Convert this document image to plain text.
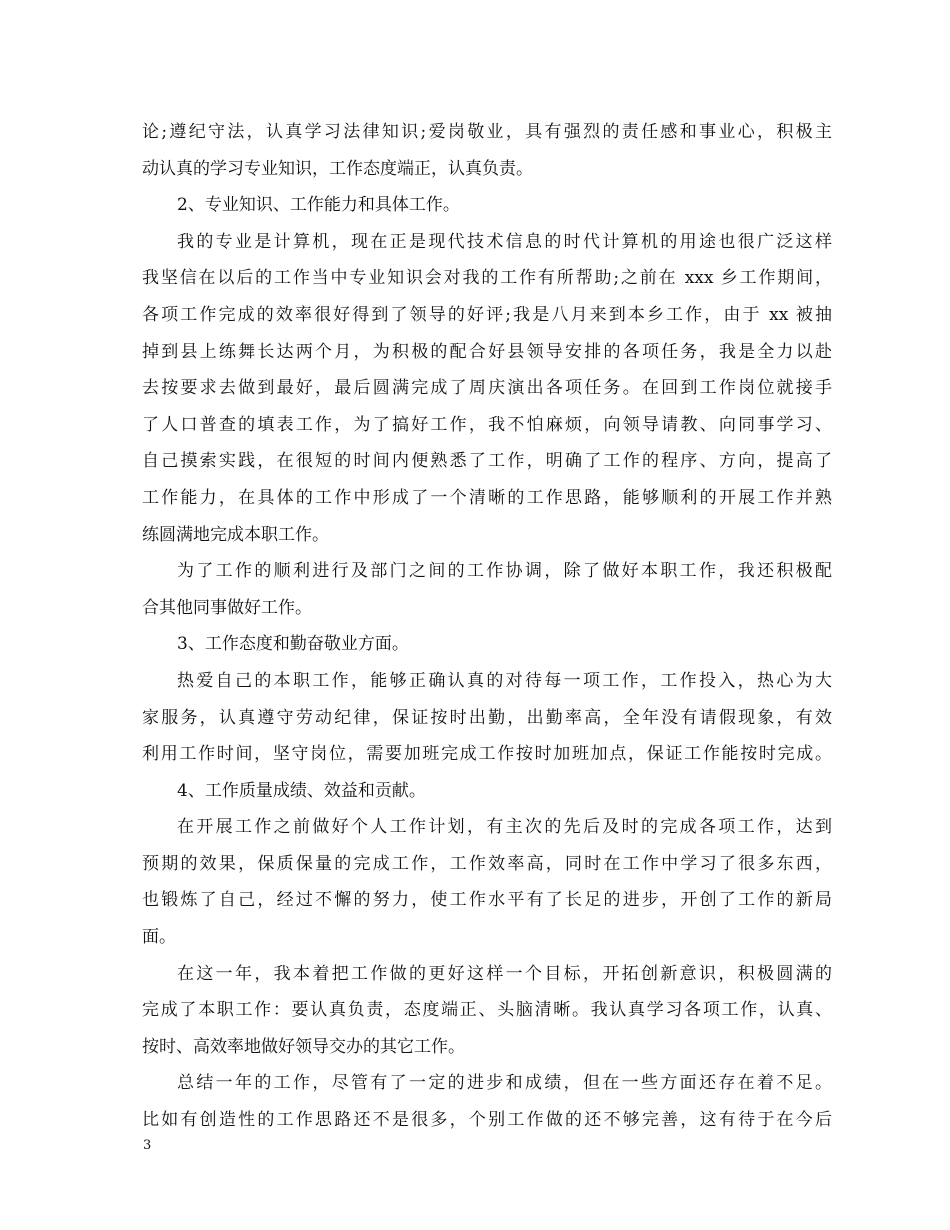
论;遵纪守法，认真学习法律知识;爱岗敬业，具有强烈的责任感和事业心，积极主
动认真的学习专业知识，工作态度端正，认真负责。
2、专业知识、工作能力和具体工作。
我的专业是计算机，现在正是现代技术信息的时代计算机的用途也很广泛这样
我坚信在以后的工作当中专业知识会对我的工作有所帮助;之前在 xxx 乡工作期间，
各项工作完成的效率很好得到了领导的好评;我是八月来到本乡工作，由于 xx 被抽
掉到县上练舞长达两个月，为积极的配合好县领导安排的各项任务，我是全力以赴
去按要求去做到最好，最后圆满完成了周庆演出各项任务。在回到工作岗位就接手
了人口普查的填表工作，为了搞好工作，我不怕麻烦，向领导请教、向同事学习、
自己摸索实践，在很短的时间内便熟悉了工作，明确了工作的程序、方向，提高了
工作能力，在具体的工作中形成了一个清晰的工作思路，能够顺利的开展工作并熟
练圆满地完成本职工作。
为了工作的顺利进行及部门之间的工作协调，除了做好本职工作，我还积极配
合其他同事做好工作。
3、工作态度和勤奋敬业方面。
热爱自己的本职工作，能够正确认真的对待每一项工作，工作投入，热心为大
家服务，认真遵守劳动纪律，保证按时出勤，出勤率高，全年没有请假现象，有效
利用工作时间，坚守岗位，需要加班完成工作按时加班加点，保证工作能按时完成。
4、工作质量成绩、效益和贡献。
在开展工作之前做好个人工作计划，有主次的先后及时的完成各项工作，达到
预期的效果，保质保量的完成工作，工作效率高，同时在工作中学习了很多东西，
也锻炼了自己，经过不懈的努力，使工作水平有了长足的进步，开创了工作的新局
面。
在这一年，我本着把工作做的更好这样一个目标，开拓创新意识，积极圆满的
完成了本职工作：要认真负责，态度端正、头脑清晰。我认真学习各项工作，认真、
按时、高效率地做好领导交办的其它工作。
总结一年的工作，尽管有了一定的进步和成绩，但在一些方面还存在着不足。
比如有创造性的工作思路还不是很多，个别工作做的还不够完善，这有待于在今后
3
